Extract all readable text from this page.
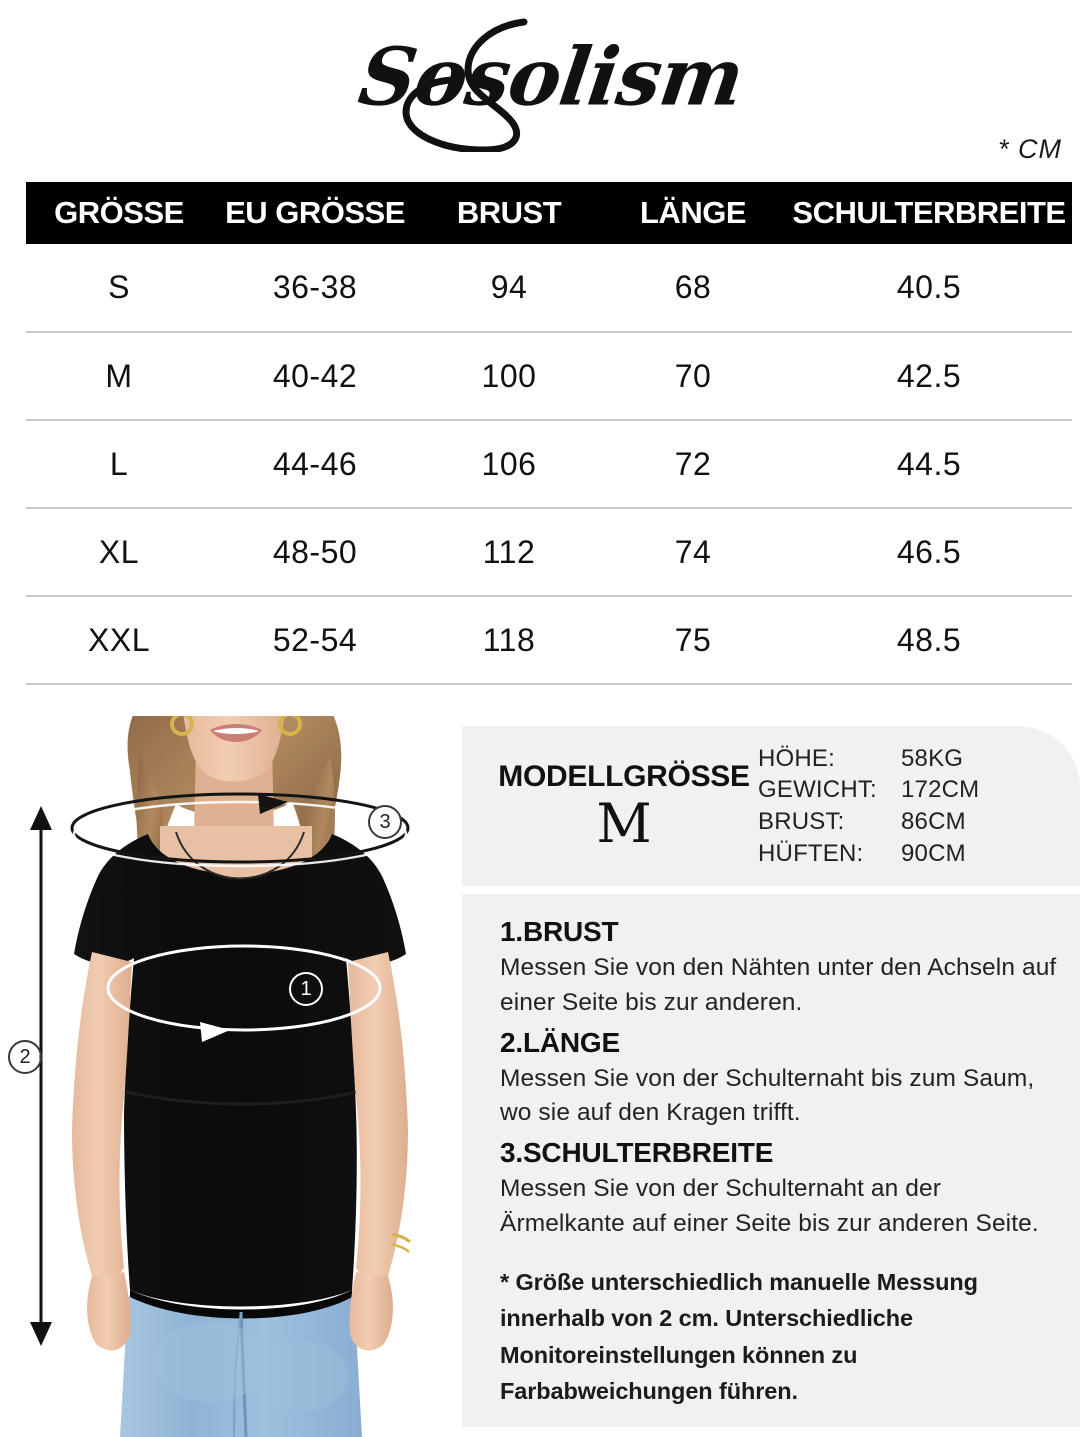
Sosolism
* CM
GRÖSSE	EU GRÖSSE	BRUST	LÄNGE	SCHULTERBREITE
S	36-38	94	68	40.5
M	40-42	100	70	42.5
L	44-46	106	72	44.5
XL	48-50	112	74	46.5
XXL	52-54	118	75	48.5
1
2
3
MODELLGRÖSSE
M
HÖHE:	58KG
GEWICHT:	172CM
BRUST:	86CM
HÜFTEN:	90CM
1.BRUST
Messen Sie von den Nähten unter den Achseln auf einer Seite bis zur anderen.
2.LÄNGE
Messen Sie von der Schulternaht bis zum Saum, wo sie auf den Kragen trifft.
3.SCHULTERBREITE
Messen Sie von der Schulternaht an der Ärmelkante auf einer Seite bis zur anderen Seite.
* Größe unterschiedlich manuelle Messung innerhalb von 2 cm. Unterschiedliche Monitoreinstellungen können zu Farbabweichungen führen.
